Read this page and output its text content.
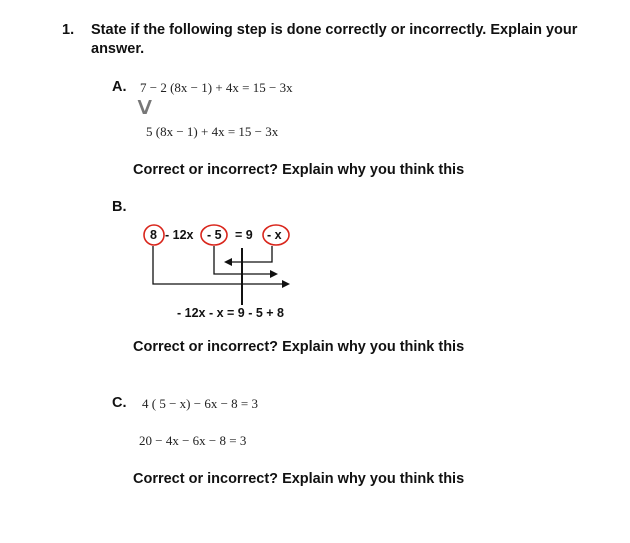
1. State if the following step is done correctly or incorrectly. Explain your
answer.
A. 7 − 2 (8x − 1) + 4x = 15 − 3x
∨
5 (8x − 1) + 4x = 15 − 3x
Correct or incorrect? Explain why you think this
B.
8 - 12x - 5 = 9 - x
- 12x - x = 9 - 5 + 8
Correct or incorrect? Explain why you think this
C. 4 ( 5 − x) − 6x − 8 = 3
20 − 4x − 6x − 8 = 3
Correct or incorrect? Explain why you think this
